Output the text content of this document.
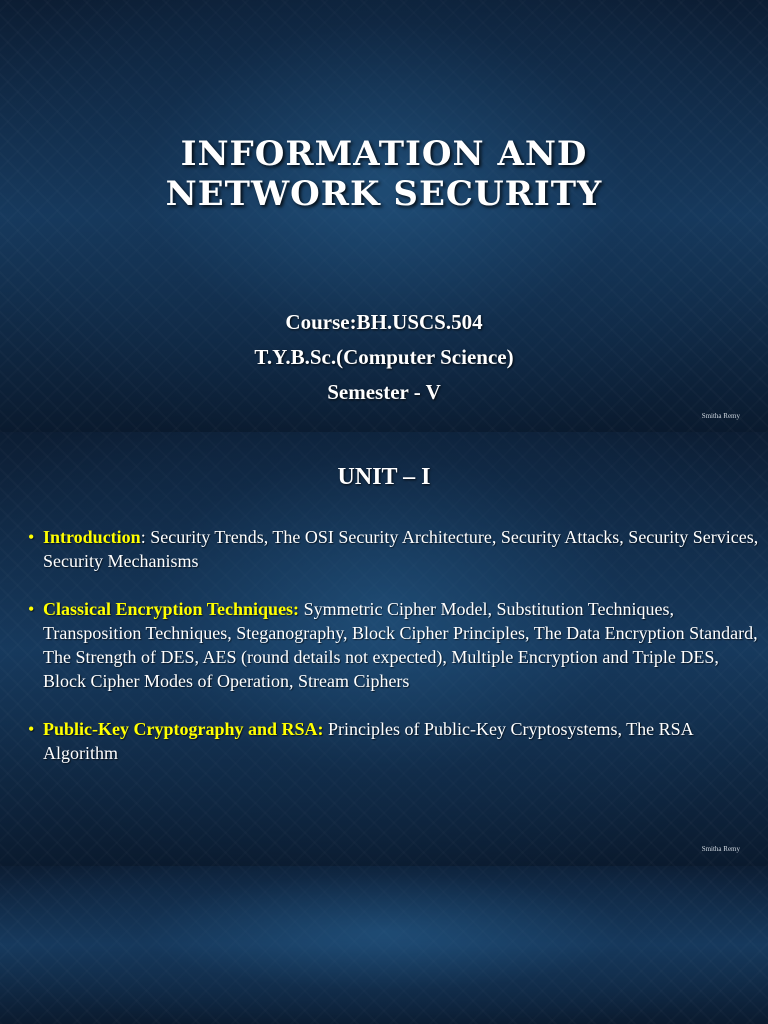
INFORMATION AND
NETWORK SECURITY
Course:BH.USCS.504
T.Y.B.Sc.(Computer Science)
Semester - V
Smitha Remy
UNIT – I
• Introduction: Security Trends, The OSI Security Architecture, Security Attacks, Security Services, Security Mechanisms
• Classical Encryption Techniques: Symmetric Cipher Model, Substitution Techniques, Transposition Techniques, Steganography, Block Cipher Principles, The Data Encryption Standard, The Strength of DES, AES (round details not expected), Multiple Encryption and Triple DES, Block Cipher Modes of Operation, Stream Ciphers
• Public-Key Cryptography and RSA: Principles of Public-Key Cryptosystems, The RSA Algorithm
Smitha Remy
